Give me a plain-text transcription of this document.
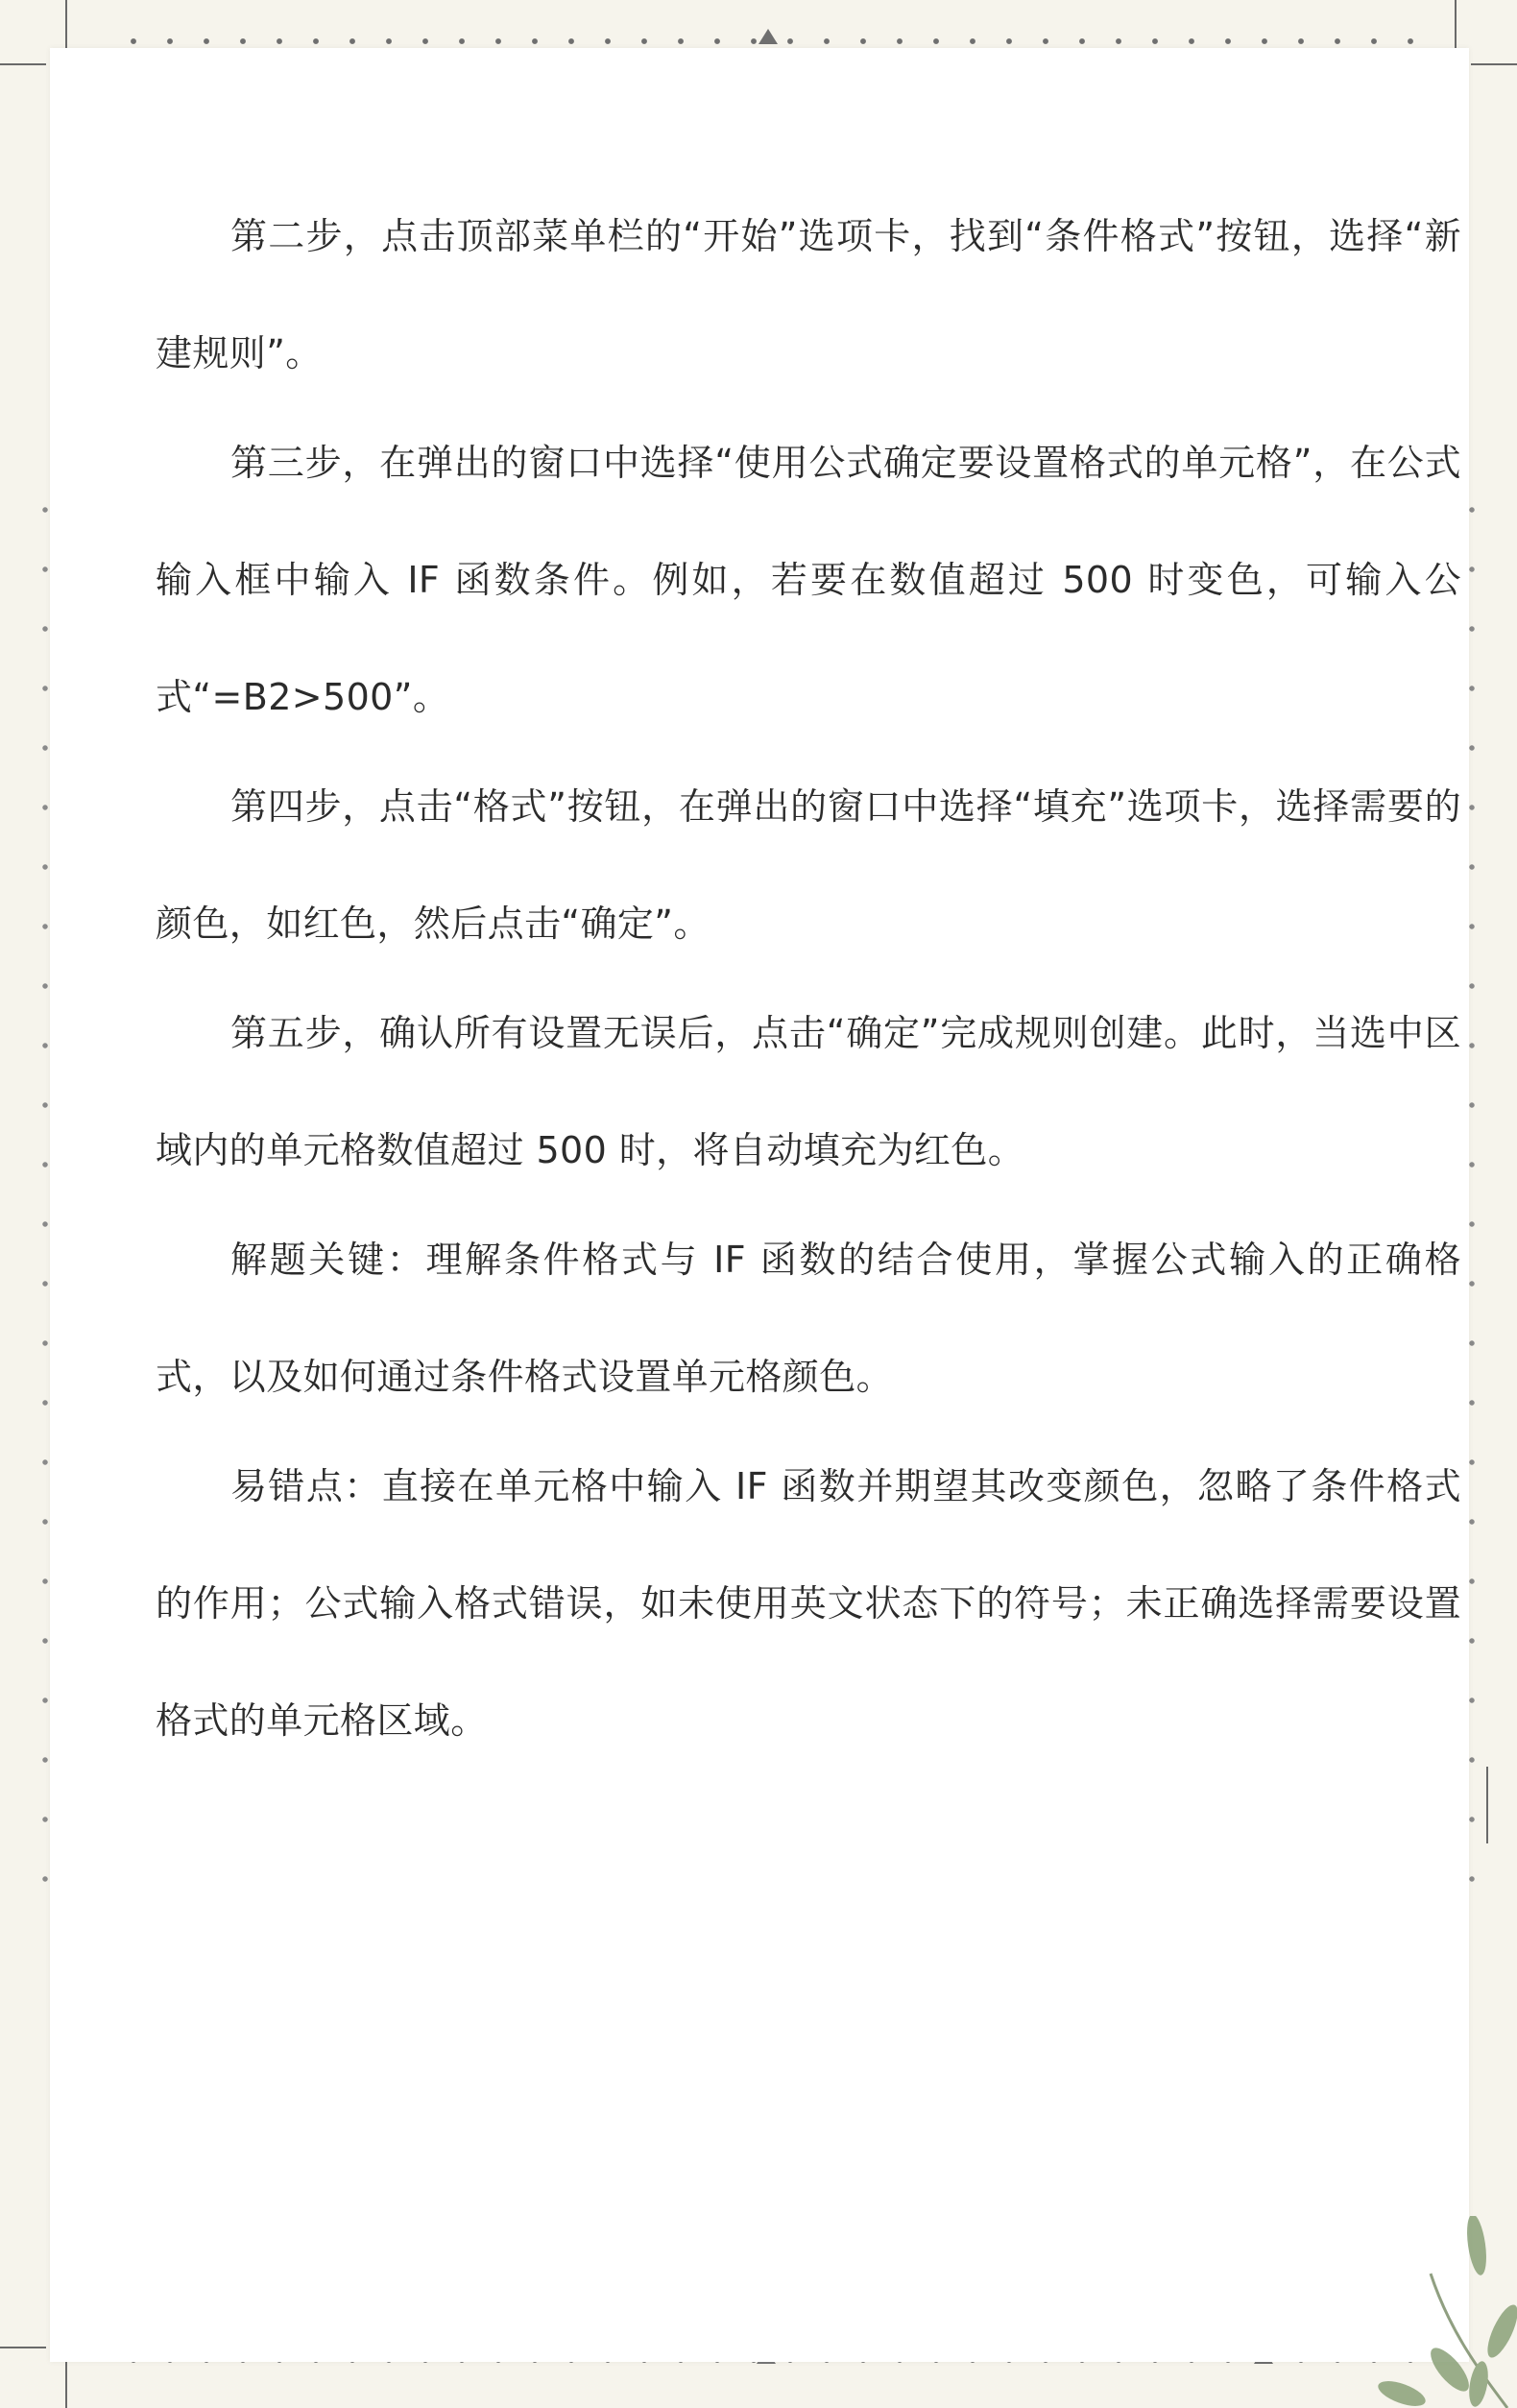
第二步，点击顶部菜单栏的“开始”选项卡，找到“条件格式”按钮，选择“新建规则”。

第三步，在弹出的窗口中选择“使用公式确定要设置格式的单元格”，在公式输入框中输入 IF 函数条件。例如，若要在数值超过 500 时变色，可输入公式“=B2>500”。

第四步，点击“格式”按钮，在弹出的窗口中选择“填充”选项卡，选择需要的颜色，如红色，然后点击“确定”。

第五步，确认所有设置无误后，点击“确定”完成规则创建。此时，当选中区域内的单元格数值超过 500 时，将自动填充为红色。

解题关键：理解条件格式与 IF 函数的结合使用，掌握公式输入的正确格式，以及如何通过条件格式设置单元格颜色。

易错点：直接在单元格中输入 IF 函数并期望其改变颜色，忽略了条件格式的作用；公式输入格式错误，如未使用英文状态下的符号；未正确选择需要设置格式的单元格区域。
